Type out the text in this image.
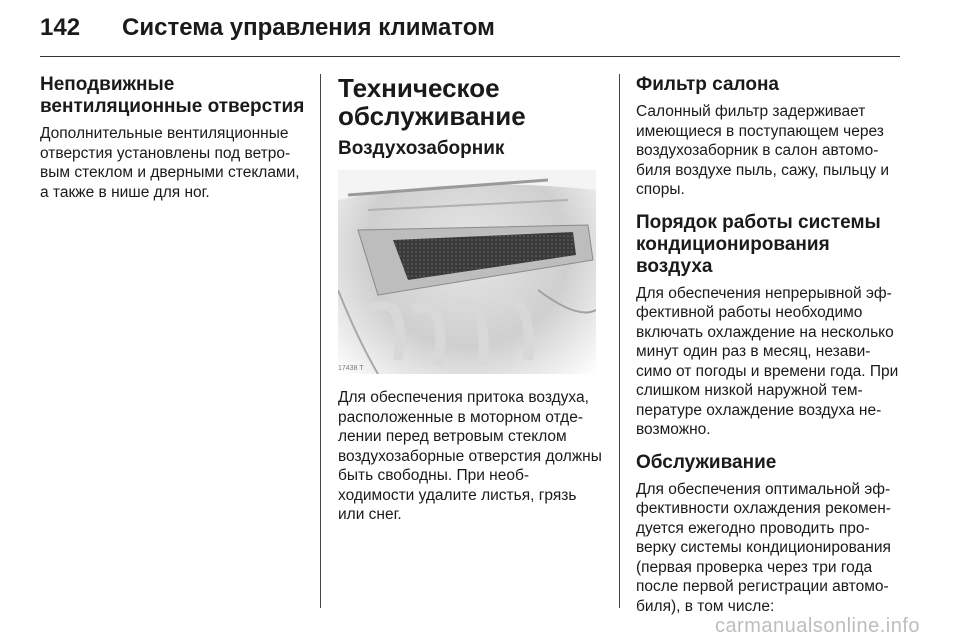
142 Система управления климатом
Неподвижные вентиляционные отверстия

Дополнительные вентиляционные отверстия установлены под ветро- вым стеклом и дверными стеклами, а также в нише для ног.

Техническое обслуживание
Воздухозаборник
17438 T

Для обеспечения притока воздуха, расположенные в моторном отде- лении перед ветровым стеклом воздухозаборные отверстия должны быть свободны. При необ- ходимости удалите листья, грязь или снег.

Фильтр салона

Салонный фильтр задерживает имеющиеся в поступающем через воздухозаборник в салон автомо- биля воздухе пыль, сажу, пыльцу и споры.

Порядок работы системы кондиционирования воздуха

Для обеспечения непрерывной эф- фективной работы необходимо включать охлаждение на несколько минут один раз в месяц, незави- симо от погоды и времени года. При слишком низкой наружной тем- пературе охлаждение воздуха не- возможно.

Обслуживание

Для обеспечения оптимальной эф- фективности охлаждения рекомен- дуется ежегодно проводить про- верку системы кондиционирования (первая проверка через три года после первой регистрации автомо- биля), в том числе:

carmanualsonline.info
